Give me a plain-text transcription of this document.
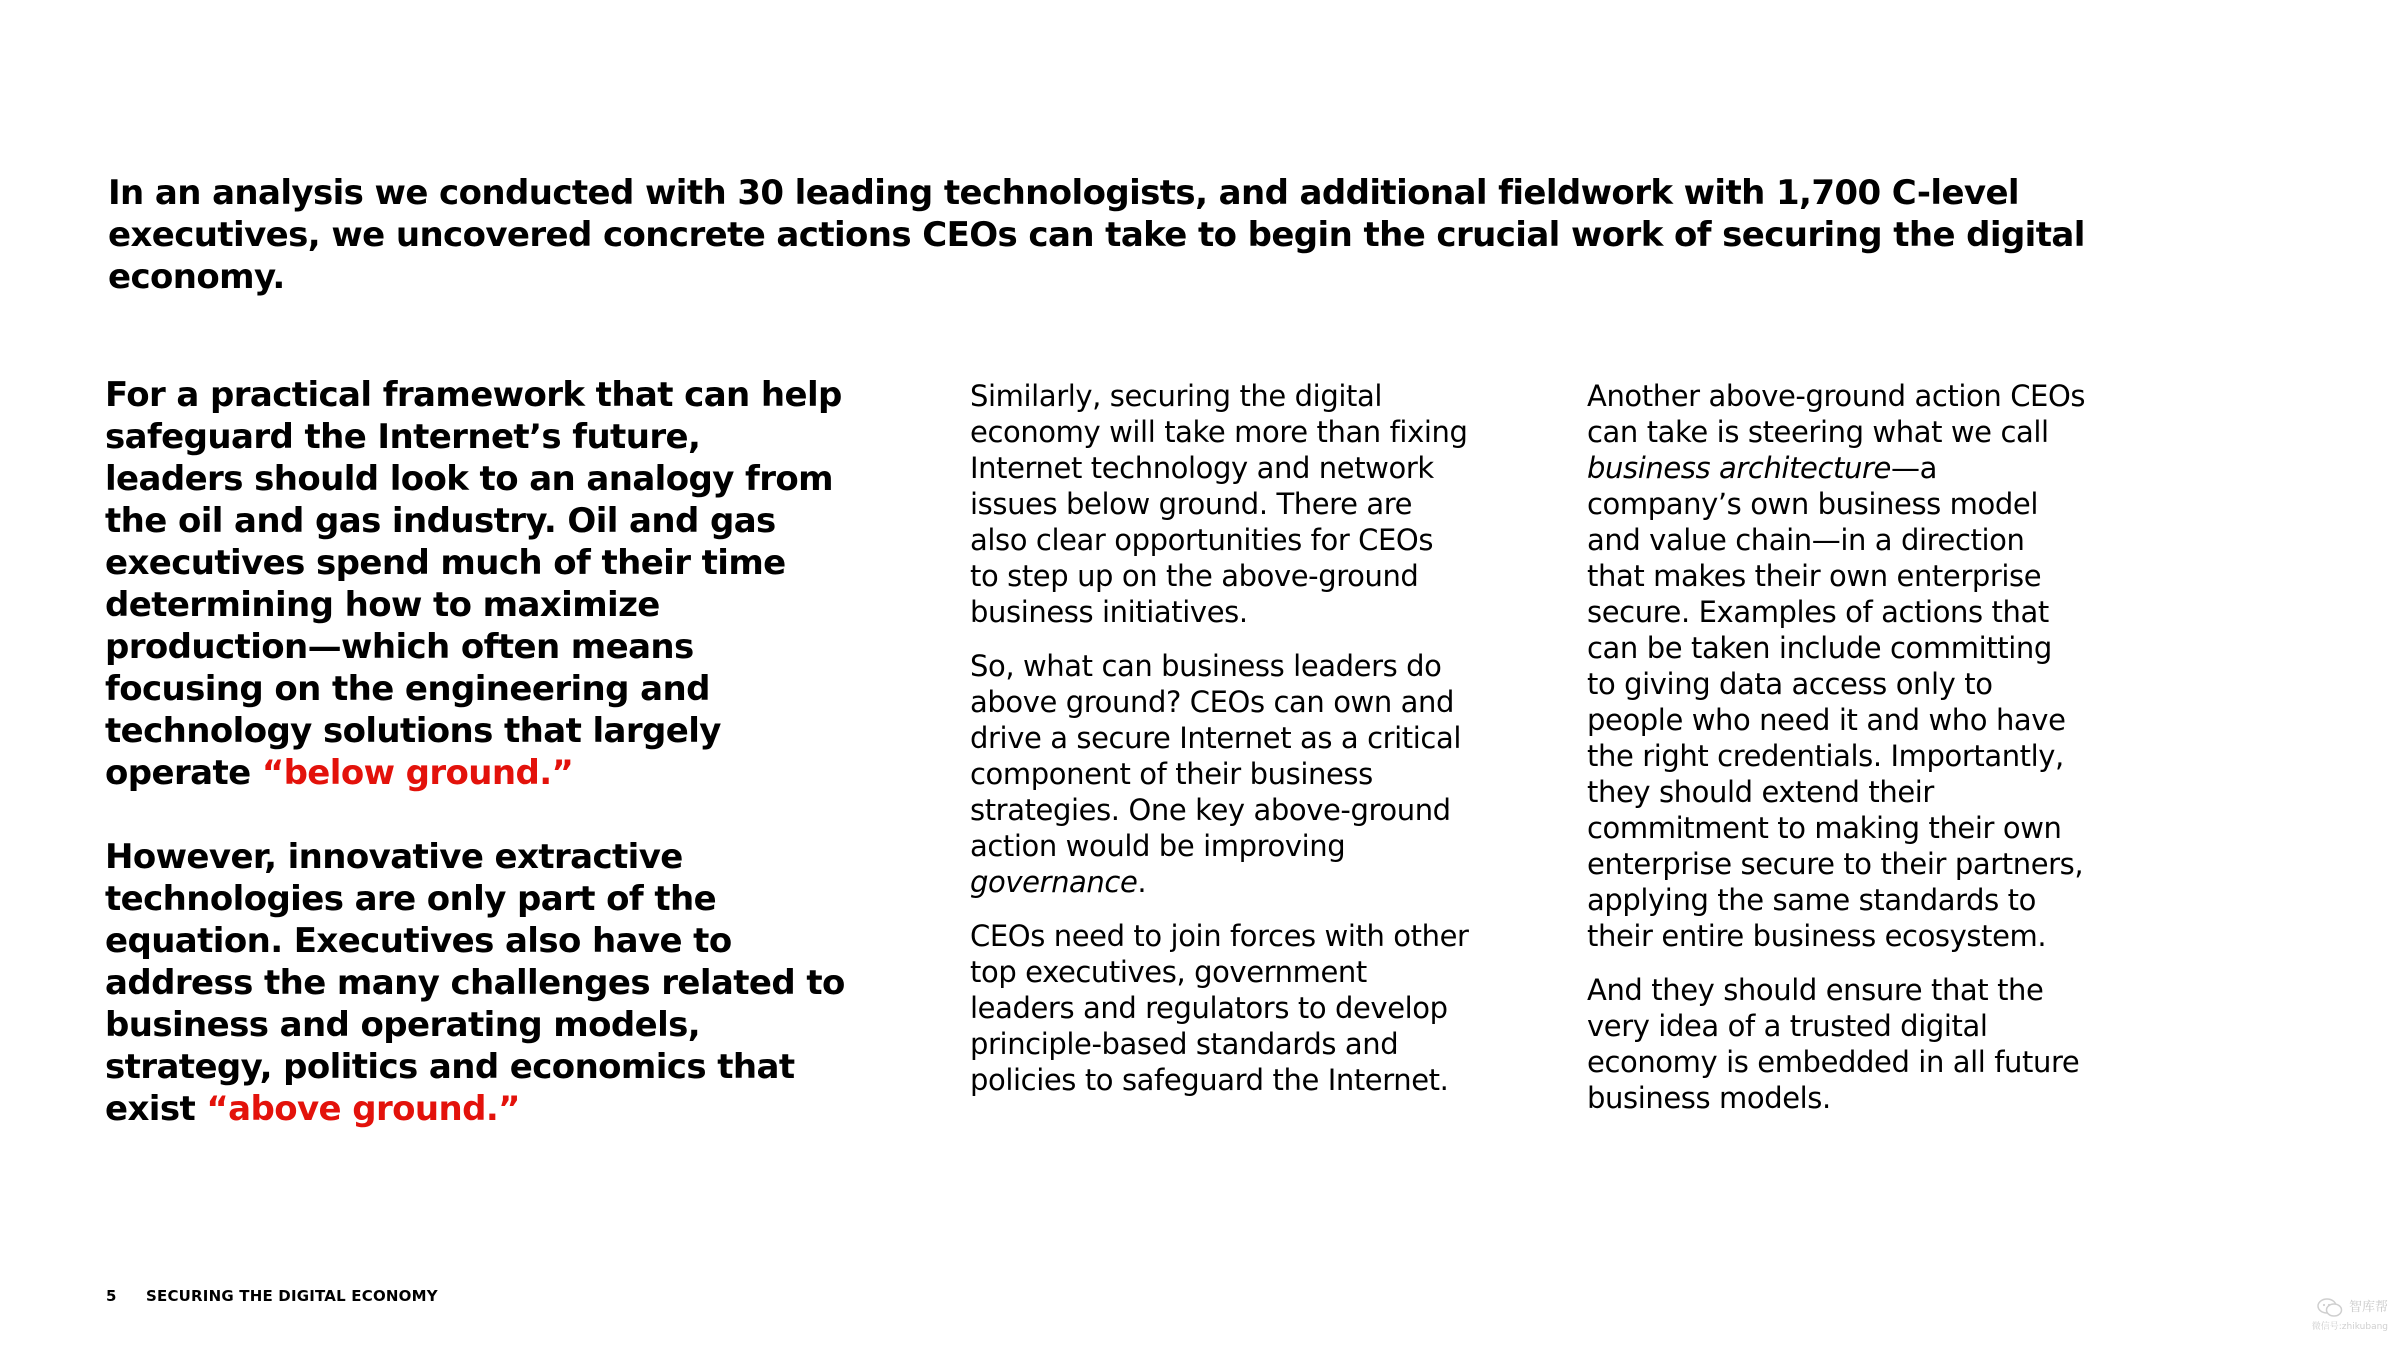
In an analysis we conducted with 30 leading technologists, and additional fieldwork with 1,700 C-level executives, we uncovered concrete actions CEOs can take to begin the crucial work of securing the digital economy.

For a practical framework that can help safeguard the Internet’s future, leaders should look to an analogy from the oil and gas industry. Oil and gas executives spend much of their time determining how to maximize production—which often means focusing on the engineering and technology solutions that largely operate “below ground.”

However, innovative extractive technologies are only part of the equation. Executives also have to address the many challenges related to business and operating models, strategy, politics and economics that exist “above ground.”

Similarly, securing the digital economy will take more than fixing Internet technology and network issues below ground. There are also clear opportunities for CEOs to step up on the above-ground business initiatives.

So, what can business leaders do above ground? CEOs can own and drive a secure Internet as a critical component of their business strategies. One key above-ground action would be improving governance.

CEOs need to join forces with other top executives, government leaders and regulators to develop principle-based standards and policies to safeguard the Internet.

Another above-ground action CEOs can take is steering what we call business architecture—a company’s own business model and value chain—in a direction that makes their own enterprise secure. Examples of actions that can be taken include committing to giving data access only to people who need it and who have the right credentials. Importantly, they should extend their commitment to making their own enterprise secure to their partners, applying the same standards to their entire business ecosystem.

And they should ensure that the very idea of a trusted digital economy is embedded in all future business models.

5	SECURING THE DIGITAL ECONOMY
智库帮
微信号:zhikubang
